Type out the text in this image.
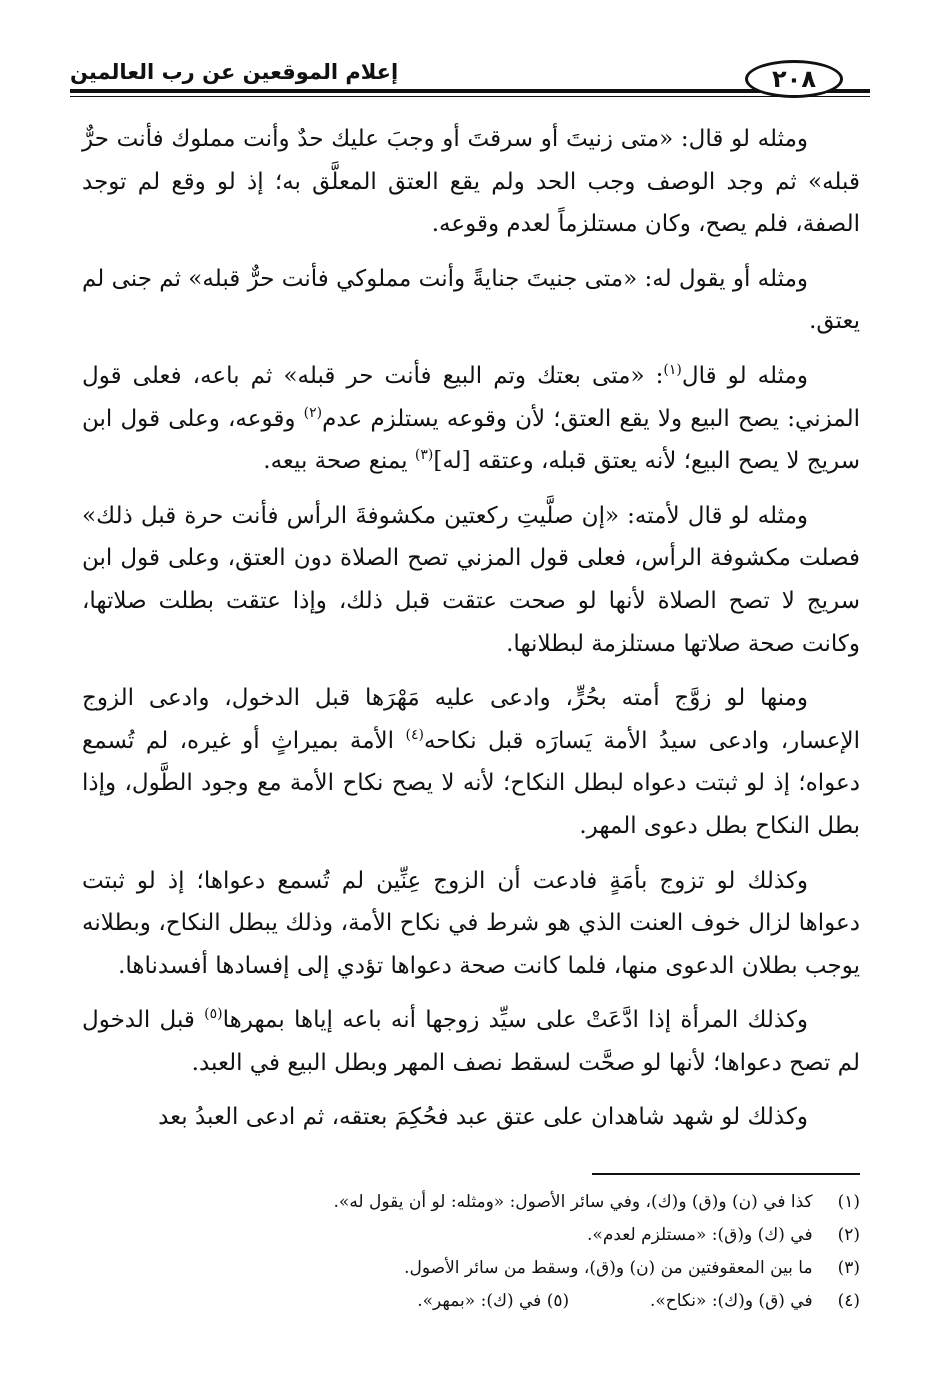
إعلام الموقعين عن رب العالمين	٢٠٨

ومثله لو قال: «متى زنيتَ أو سرقتَ أو وجبَ عليك حدٌ وأنت مملوك فأنت حرٌّ قبله» ثم وجد الوصف وجب الحد ولم يقع العتق المعلَّق به؛ إذ لو وقع لم توجد الصفة، فلم يصح، وكان مستلزماً لعدم وقوعه.

ومثله أو يقول له: «متى جنيتَ جنايةً وأنت مملوكي فأنت حرٌّ قبله» ثم جنى لم يعتق.

ومثله لو قال$^{(١)}$: «متى بعتك وتم البيع فأنت حر قبله» ثم باعه، فعلى قول المزني: يصح البيع ولا يقع العتق؛ لأن وقوعه يستلزم عدم$^{(٢)}$ وقوعه، وعلى قول ابن سريج لا يصح البيع؛ لأنه يعتق قبله، وعتقه [له]$^{(٣)}$ يمنع صحة بيعه.

ومثله لو قال لأمته: «إن صلَّيتِ ركعتين مكشوفةَ الرأس فأنت حرة قبل ذلك» فصلت مكشوفة الرأس، فعلى قول المزني تصح الصلاة دون العتق، وعلى قول ابن سريج لا تصح الصلاة لأنها لو صحت عتقت قبل ذلك، وإذا عتقت بطلت صلاتها، وكانت صحة صلاتها مستلزمة لبطلانها.

ومنها لو زوَّج أمته بحُرٍّ، وادعى عليه مَهْرَها قبل الدخول، وادعى الزوج الإعسار، وادعى سيدُ الأمة يَسارَه قبل نكاحه$^{(٤)}$ الأمة بميراثٍ أو غيره، لم تُسمع دعواه؛ إذ لو ثبتت دعواه لبطل النكاح؛ لأنه لا يصح نكاح الأمة مع وجود الطَّول، وإذا بطل النكاح بطل دعوى المهر.

وكذلك لو تزوج بأمَةٍ فادعت أن الزوج عِنِّين لم تُسمع دعواها؛ إذ لو ثبتت دعواها لزال خوف العنت الذي هو شرط في نكاح الأمة، وذلك يبطل النكاح، وبطلانه يوجب بطلان الدعوى منها، فلما كانت صحة دعواها تؤدي إلى إفسادها أفسدناها.

وكذلك المرأة إذا ادَّعَتْ على سيِّد زوجها أنه باعه إياها بمهرها$^{(٥)}$ قبل الدخول لم تصح دعواها؛ لأنها لو صحَّت لسقط نصف المهر وبطل البيع في العبد.

وكذلك لو شهد شاهدان على عتق عبد فحُكِمَ بعتقه، ثم ادعى العبدُ بعد

(١) كذا في (ن) و(ق) و(ك)، وفي سائر الأصول: «ومثله: لو أن يقول له».
(٢) في (ك) و(ق): «مستلزم لعدم».
(٣) ما بين المعقوفتين من (ن) و(ق)، وسقط من سائر الأصول.
(٤) في (ق) و(ك): «نكاح».  (٥) في (ك): «بمهر».
